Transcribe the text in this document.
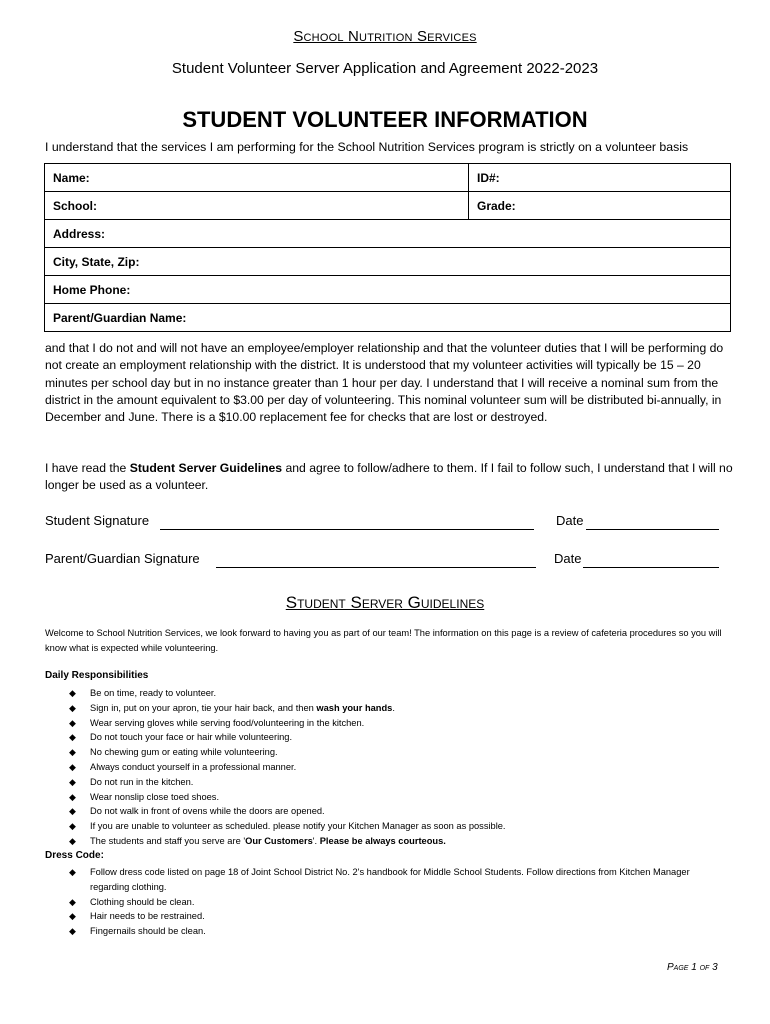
School Nutrition Services
Student Volunteer Server Application and Agreement 2022-2023
STUDENT VOLUNTEER INFORMATION
I understand that the services I am performing for the School Nutrition Services program is strictly on a volunteer basis
Name:	ID#:
School:	Grade:
Address:	
City, State, Zip:	
Home Phone:	
Parent/Guardian Name:	
and that I do not and will not have an employee/employer relationship and that the volunteer duties that I will be performing do not create an employment relationship with the district. It is understood that my volunteer activities will typically be 15 – 20 minutes per school day but in no instance greater than 1 hour per day. I understand that I will receive a nominal sum from the district in the amount equivalent to $3.00 per day of volunteering. This nominal volunteer sum will be distributed bi-annually, in December and June. There is a $10.00 replacement fee for checks that are lost or destroyed.
I have read the Student Server Guidelines and agree to follow/adhere to them. If I fail to follow such, I understand that I will no longer be used as a volunteer.
Student Signature	Date
Parent/Guardian Signature	Date
Student Server Guidelines
Welcome to School Nutrition Services, we look forward to having you as part of our team! The information on this page is a review of cafeteria procedures so you will know what is expected while volunteering.
Daily Responsibilities
◆ Be on time, ready to volunteer.
◆ Sign in, put on your apron, tie your hair back, and then wash your hands.
◆ Wear serving gloves while serving food/volunteering in the kitchen.
◆ Do not touch your face or hair while volunteering.
◆ No chewing gum or eating while volunteering.
◆ Always conduct yourself in a professional manner.
◆ Do not run in the kitchen.
◆ Wear nonslip close toed shoes.
◆ Do not walk in front of ovens while the doors are opened.
◆ If you are unable to volunteer as scheduled. please notify your Kitchen Manager as soon as possible.
◆ The students and staff you serve are 'Our Customers'. Please be always courteous.
Dress Code:
◆ Follow dress code listed on page 18 of Joint School District No. 2's handbook for Middle School Students. Follow directions from Kitchen Manager regarding clothing.
◆ Clothing should be clean.
◆ Hair needs to be restrained.
◆ Fingernails should be clean.
Page 1 of 3
